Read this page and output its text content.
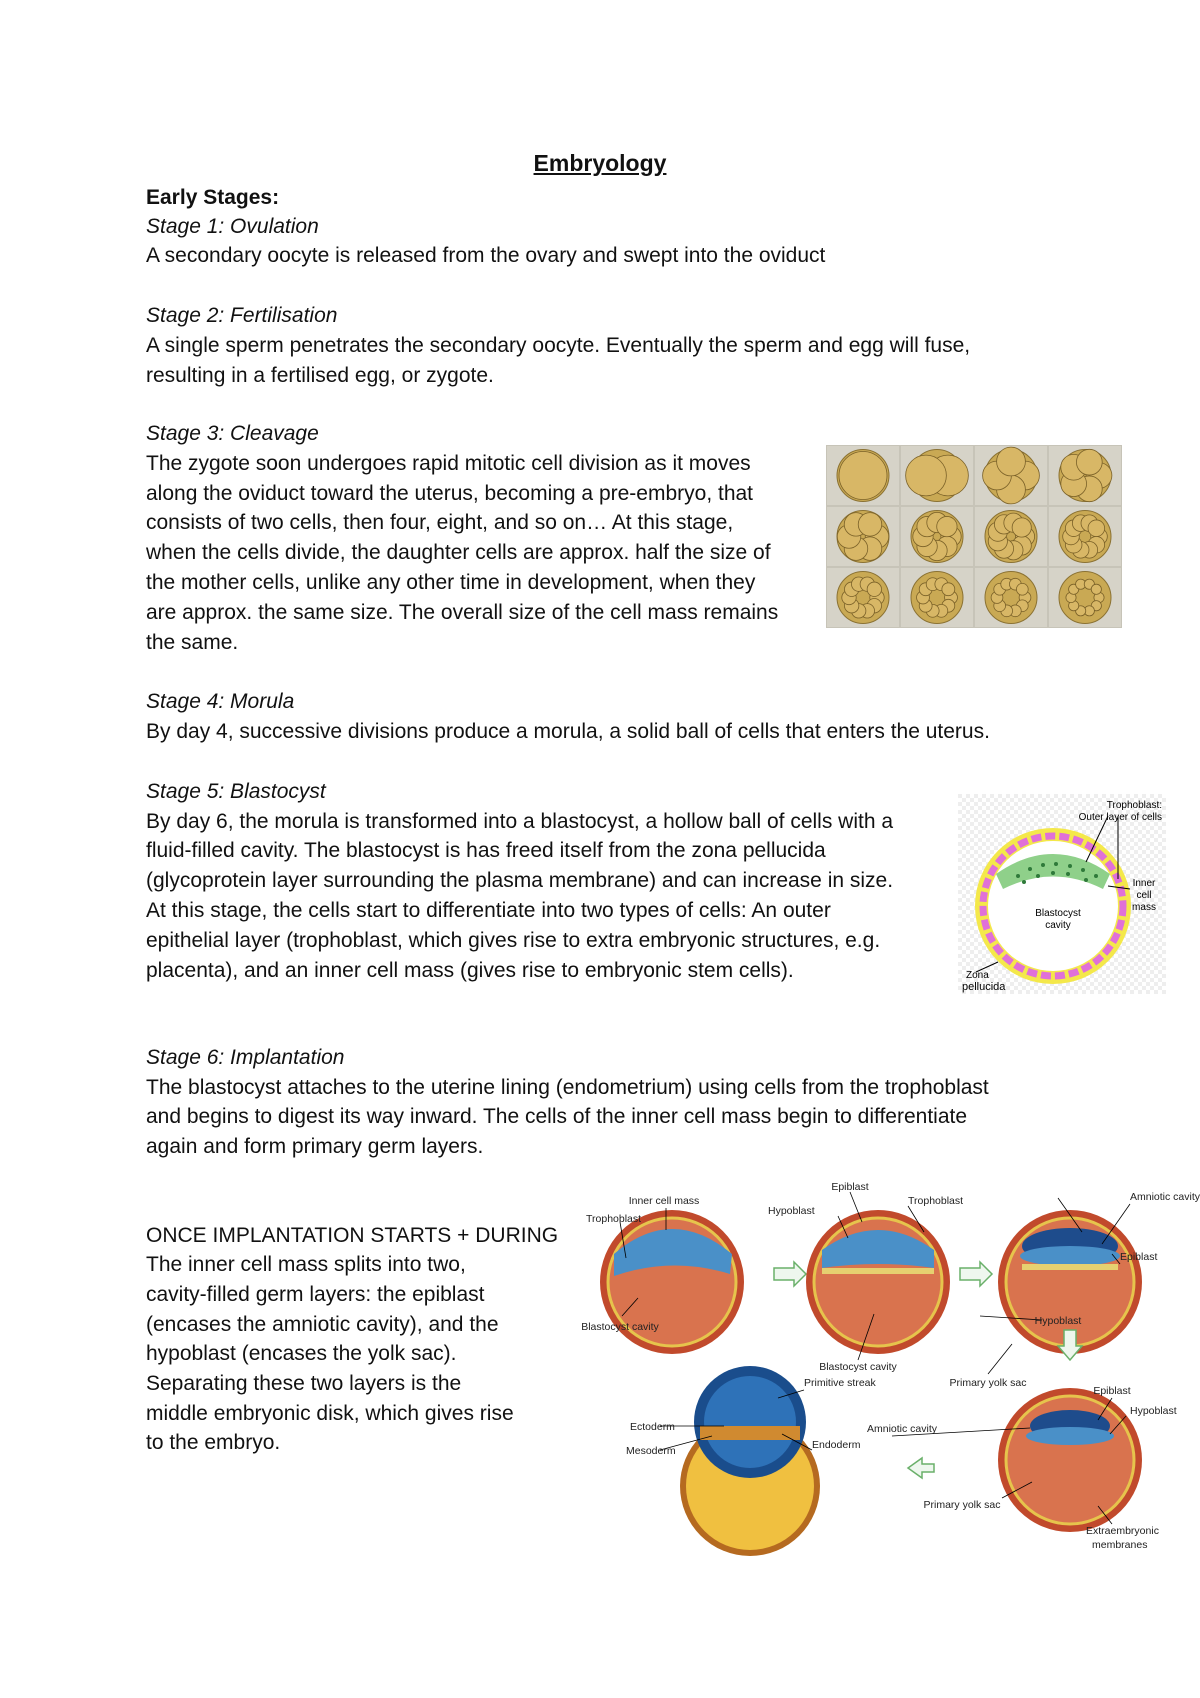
Embryology
Early Stages:
Stage 1: Ovulation
A secondary oocyte is released from the ovary and swept into the oviduct
Stage 2: Fertilisation
A single sperm penetrates the secondary oocyte. Eventually the sperm and egg will fuse,
resulting in a fertilised egg, or zygote.
Stage 3: Cleavage
The zygote soon undergoes rapid mitotic cell division as it moves
along the oviduct toward the uterus, becoming a pre-embryo, that
consists of two cells, then four, eight, and so on… At this stage,
when the cells divide, the daughter cells are approx. half the size of
the mother cells, unlike any other time in development, when they
are approx. the same size. The overall size of the cell mass remains
the same.
Stage 4: Morula
By day 4, successive divisions produce a morula, a solid ball of cells that enters the uterus.
Stage 5: Blastocyst
By day 6, the morula is transformed into a blastocyst, a hollow ball of cells with a
fluid-filled cavity. The blastocyst is has freed itself from the zona pellucida
(glycoprotein layer surrounding the plasma membrane) and can increase in size.
At this stage, the cells start to differentiate into two types of cells: An outer
epithelial layer (trophoblast, which gives rise to extra embryonic structures, e.g.
placenta), and an inner cell mass (gives rise to embryonic stem cells).
Trophoblast:
Outer layer of cells
Inner
cell
mass
Blastocyst
cavity
Zona
pellucida
Stage 6: Implantation
The blastocyst attaches to the uterine lining (endometrium) using cells from the trophoblast
and begins to digest its way inward. The cells of the inner cell mass begin to differentiate
again and form primary germ layers.
ONCE IMPLANTATION STARTS + DURING
The inner cell mass splits into two,
cavity-filled germ layers: the epiblast
(encases the amniotic cavity), and the
hypoblast (encases the yolk sac).
Separating these two layers is the
middle embryonic disk, which gives rise
to the embryo.
Inner cell mass
Trophoblast
Blastocyst cavity
Epiblast
Hypoblast
Trophoblast
Blastocyst cavity
Amniotic cavity
Epiblast
Hypoblast
Primary yolk sac
Primitive streak
Ectoderm
Mesoderm	Endoderm
Amniotic cavity
Epiblast
Hypoblast
Primary yolk sac
Extraembryonic
membranes
